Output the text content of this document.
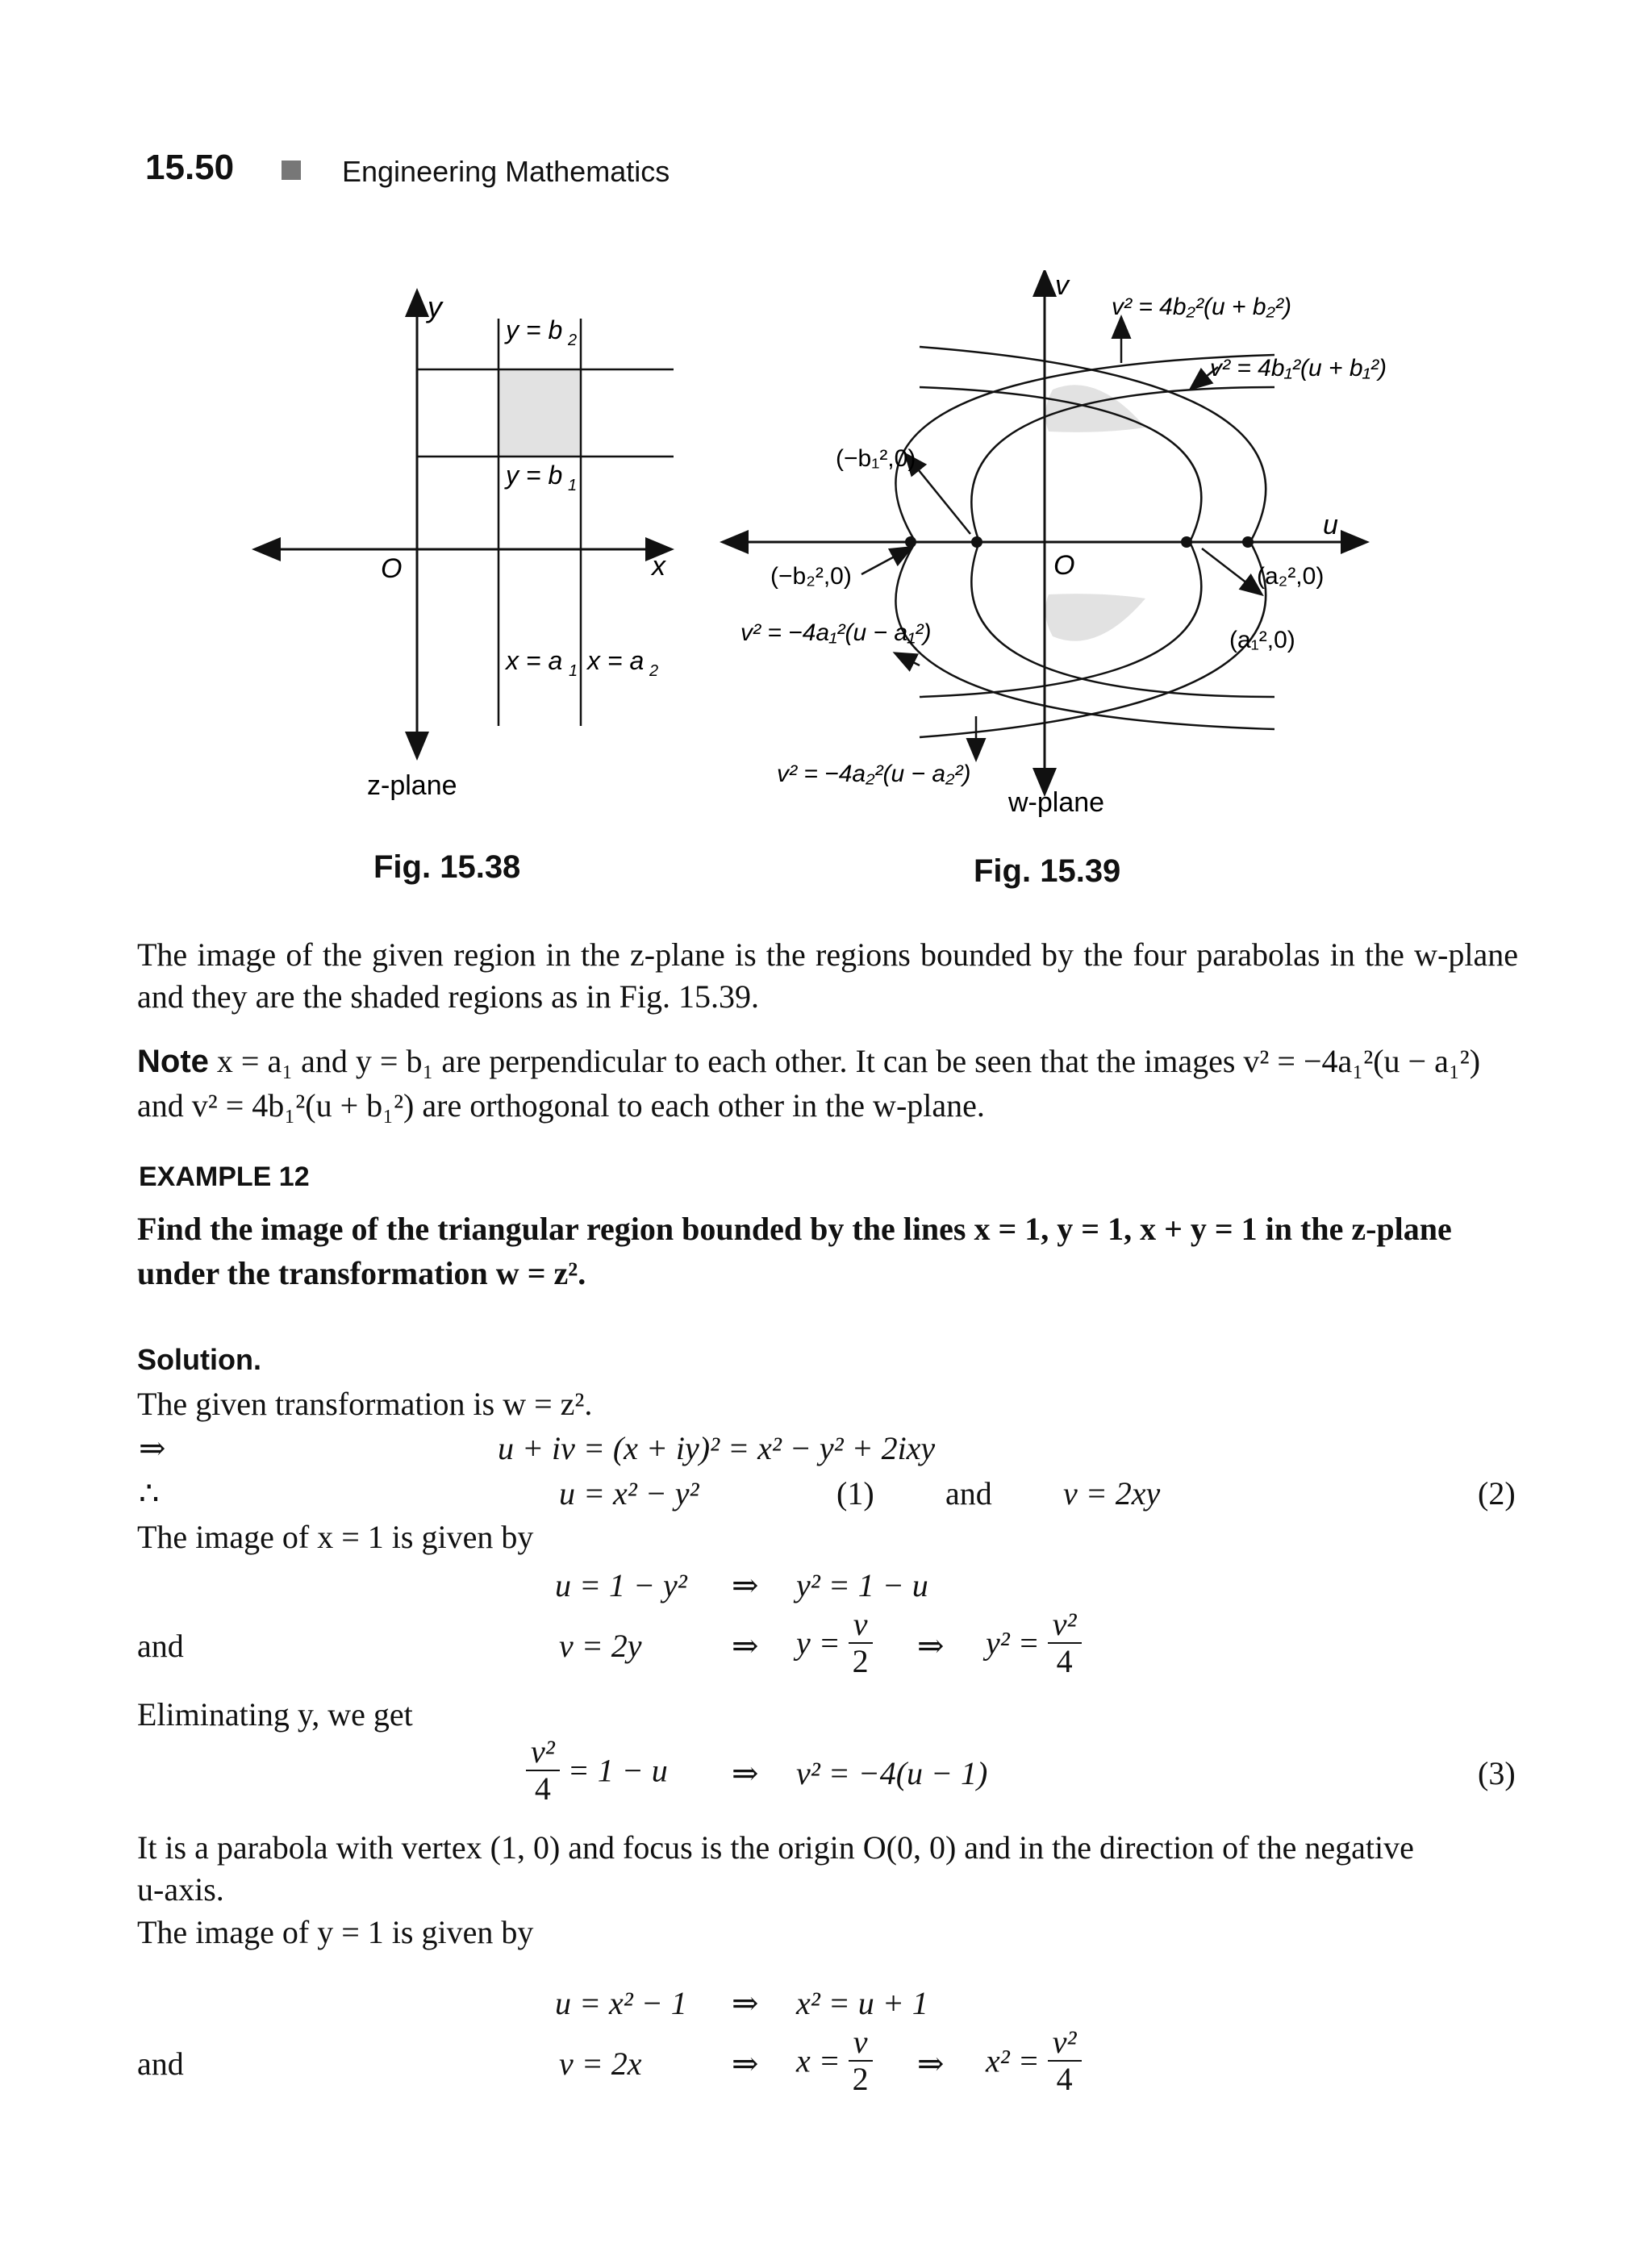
15.50	Engineering Mathematics
y
x
O
y = b 2
y = b 1
x = a 1 x = a 2
z-plane
Fig. 15.38
v
u
O
v² = 4b₂²(u + b₂²)
v² = 4b₁²(u + b₁²)
(−b₁²,0)
(−b₂²,0)
v² = −4a₁²(u − a₁²)
(a₂²,0)
(a₁²,0)
v² = −4a₂²(u − a₂²)
w-plane
Fig. 15.39
The image of the given region in the z-plane is the regions bounded by the four parabolas in the w-plane and they are the shaded regions as in Fig. 15.39.
Note x = a₁ and y = b₁ are perpendicular to each other. It can be seen that the images v² = −4a₁²(u − a₁²)
and v² = 4b₁²(u + b₁²) are orthogonal to each other in the w-plane.
EXAMPLE 12
Find the image of the triangular region bounded by the lines x = 1, y = 1, x + y = 1 in the z-plane
under the transformation w = z².
Solution.
The given transformation is w = z².
⇒	u + iv = (x + iy)² = x² − y² + 2ixy
∴	u = x² − y²	(1) and v = 2xy	(2)
The image of x = 1 is given by
u = 1 − y² ⇒ y² = 1 − u
and	v = 2y	⇒ $y = \frac{v}{2}$ ⇒ $y^2 = \frac{\text{v²}}{4}$
Eliminating y, we get
$\frac{\text{v²}}{4} = 1 - u$ ⇒ v² = −4(u − 1)	(3)
It is a parabola with vertex (1, 0) and focus is the origin O(0, 0) and in the direction of the negative
u-axis.
The image of y = 1 is given by
u = x² − 1 ⇒ x² = u + 1
and	v = 2x	⇒ $x = \frac{v}{2}$ ⇒ $x^2 = \frac{\text{v²}}{4}$
